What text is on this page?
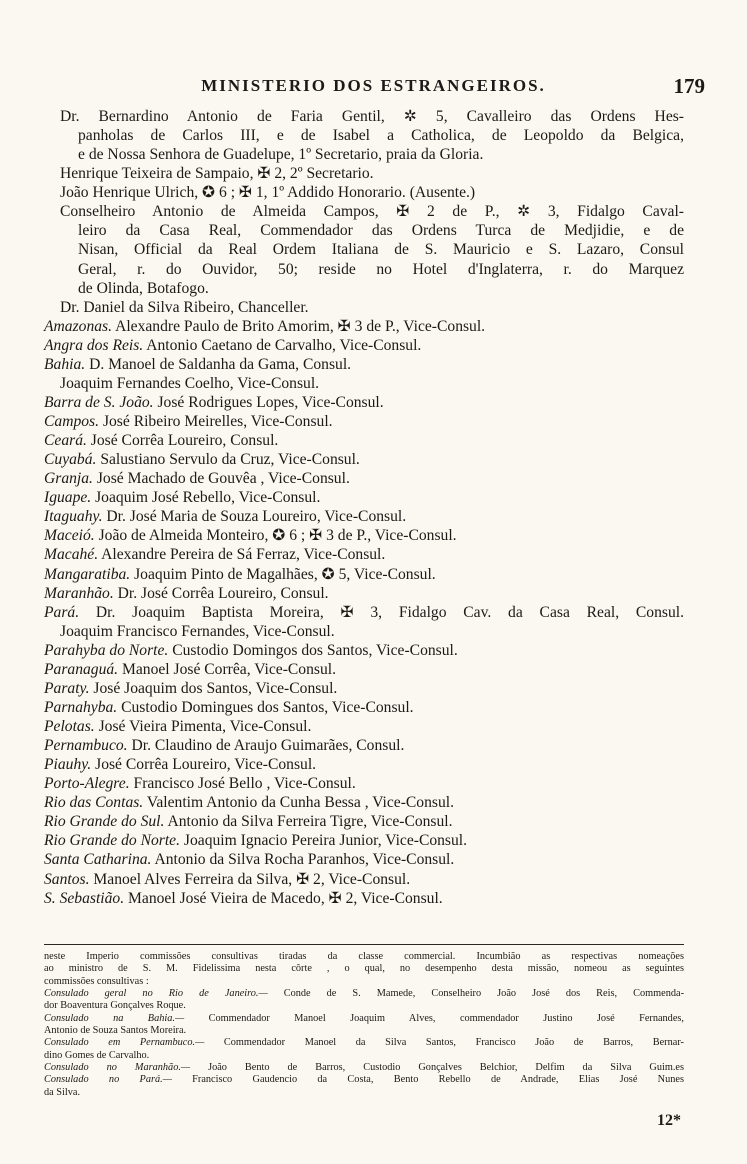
MINISTERIO DOS ESTRANGEIROS.	179
Dr. Bernardino Antonio de Faria Gentil, ✲ 5, Cavalleiro das Ordens Hes-
panholas de Carlos III, e de Isabel a Catholica, de Leopoldo da Belgica,
e de Nossa Senhora de Guadelupe, 1º Secretario, praia da Gloria.
Henrique Teixeira de Sampaio, ✠ 2, 2º Secretario.
João Henrique Ulrich, ✪ 6 ; ✠ 1, 1º Addido Honorario. (Ausente.)
Conselheiro Antonio de Almeida Campos, ✠ 2 de P., ✲ 3, Fidalgo Caval-
leiro da Casa Real, Commendador das Ordens Turca de Medjidie, e de
Nisan, Official da Real Ordem Italiana de S. Mauricio e S. Lazaro, Consul
Geral, r. do Ouvidor, 50; reside no Hotel d'Inglaterra, r. do Marquez
de Olinda, Botafogo.
Dr. Daniel da Silva Ribeiro, Chanceller.
Amazonas. Alexandre Paulo de Brito Amorim, ✠ 3 de P., Vice-Consul.
Angra dos Reis. Antonio Caetano de Carvalho, Vice-Consul.
Bahia. D. Manoel de Saldanha da Gama, Consul.
Joaquim Fernandes Coelho, Vice-Consul.
Barra de S. João. José Rodrigues Lopes, Vice-Consul.
Campos. José Ribeiro Meirelles, Vice-Consul.
Ceará. José Corrêa Loureiro, Consul.
Cuyabá. Salustiano Servulo da Cruz, Vice-Consul.
Granja. José Machado de Gouvêa , Vice-Consul.
Iguape. Joaquim José Rebello, Vice-Consul.
Itaguahy. Dr. José Maria de Souza Loureiro, Vice-Consul.
Maceió. João de Almeida Monteiro, ✪ 6 ; ✠ 3 de P., Vice-Consul.
Macahé. Alexandre Pereira de Sá Ferraz, Vice-Consul.
Mangaratiba. Joaquim Pinto de Magalhães, ✪ 5, Vice-Consul.
Maranhão. Dr. José Corrêa Loureiro, Consul.
Pará. Dr. Joaquim Baptista Moreira, ✠ 3, Fidalgo Cav. da Casa Real, Consul.
Joaquim Francisco Fernandes, Vice-Consul.
Parahyba do Norte. Custodio Domingos dos Santos, Vice-Consul.
Paranaguá. Manoel José Corrêa, Vice-Consul.
Paraty. José Joaquim dos Santos, Vice-Consul.
Parnahyba. Custodio Domingues dos Santos, Vice-Consul.
Pelotas. José Vieira Pimenta, Vice-Consul.
Pernambuco. Dr. Claudino de Araujo Guimarães, Consul.
Piauhy. José Corrêa Loureiro, Vice-Consul.
Porto-Alegre. Francisco José Bello , Vice-Consul.
Rio das Contas. Valentim Antonio da Cunha Bessa , Vice-Consul.
Rio Grande do Sul. Antonio da Silva Ferreira Tigre, Vice-Consul.
Rio Grande do Norte. Joaquim Ignacio Pereira Junior, Vice-Consul.
Santa Catharina. Antonio da Silva Rocha Paranhos, Vice-Consul.
Santos. Manoel Alves Ferreira da Silva, ✠ 2, Vice-Consul.
S. Sebastião. Manoel José Vieira de Macedo, ✠ 2, Vice-Consul.
neste Imperio commissões consultivas tiradas da classe commercial. Incumbião as respectivas nomeações
ao ministro de S. M. Fidelissima nesta côrte , o qual, no desempenho desta missão, nomeou as seguintes
commissões consultivas :
Consulado geral no Rio de Janeiro.— Conde de S. Mamede, Conselheiro João José dos Reis, Commenda-
dor Boaventura Gonçalves Roque.
Consulado na Bahia.— Commendador Manoel Joaquim Alves, commendador Justino José Fernandes,
Antonio de Souza Santos Moreira.
Consulado em Pernambuco.— Commendador Manoel da Silva Santos, Francisco João de Barros, Bernar-
dino Gomes de Carvalho.
Consulado no Maranhão.— João Bento de Barros, Custodio Gonçalves Belchior, Delfim da Silva Guim.es
Consulado no Pará.— Francisco Gaudencio da Costa, Bento Rebello de Andrade, Elias José Nunes
da Silva.
12*
